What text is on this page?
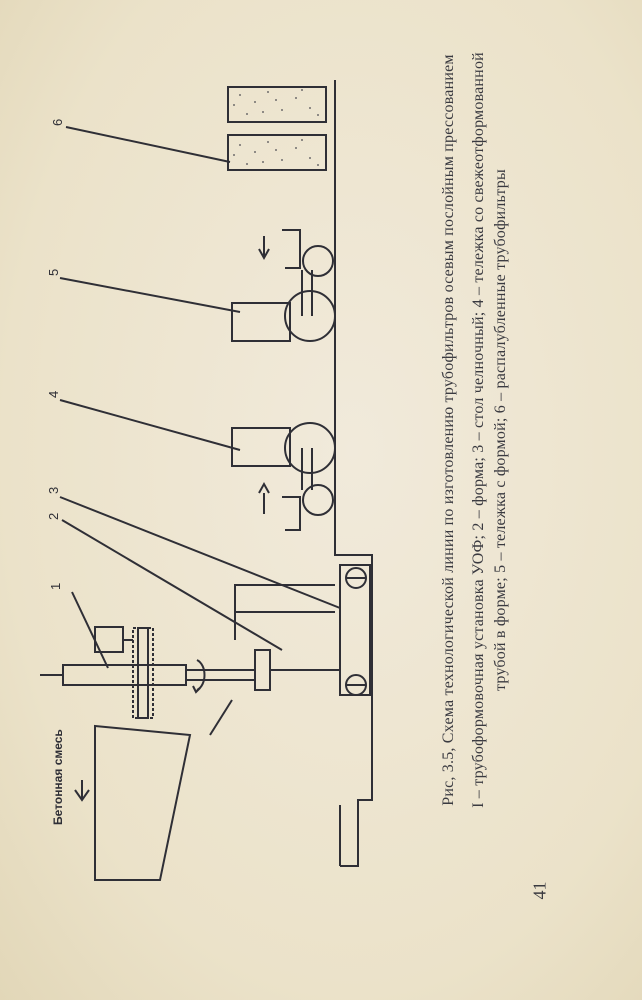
1
2
3
4
5
6
Бетонная смесь	Рис, 3.5, Схема технологической линии по изготовлению трубофильтров осевым послойным прессованием I – трубоформовочная установка УОФ; 2 – форма; 3 – стол челночный; 4 – тележка со свежеотформованной трубой в форме; 5 – тележка с формой; 6 – распалубленные трубофильтры

41
